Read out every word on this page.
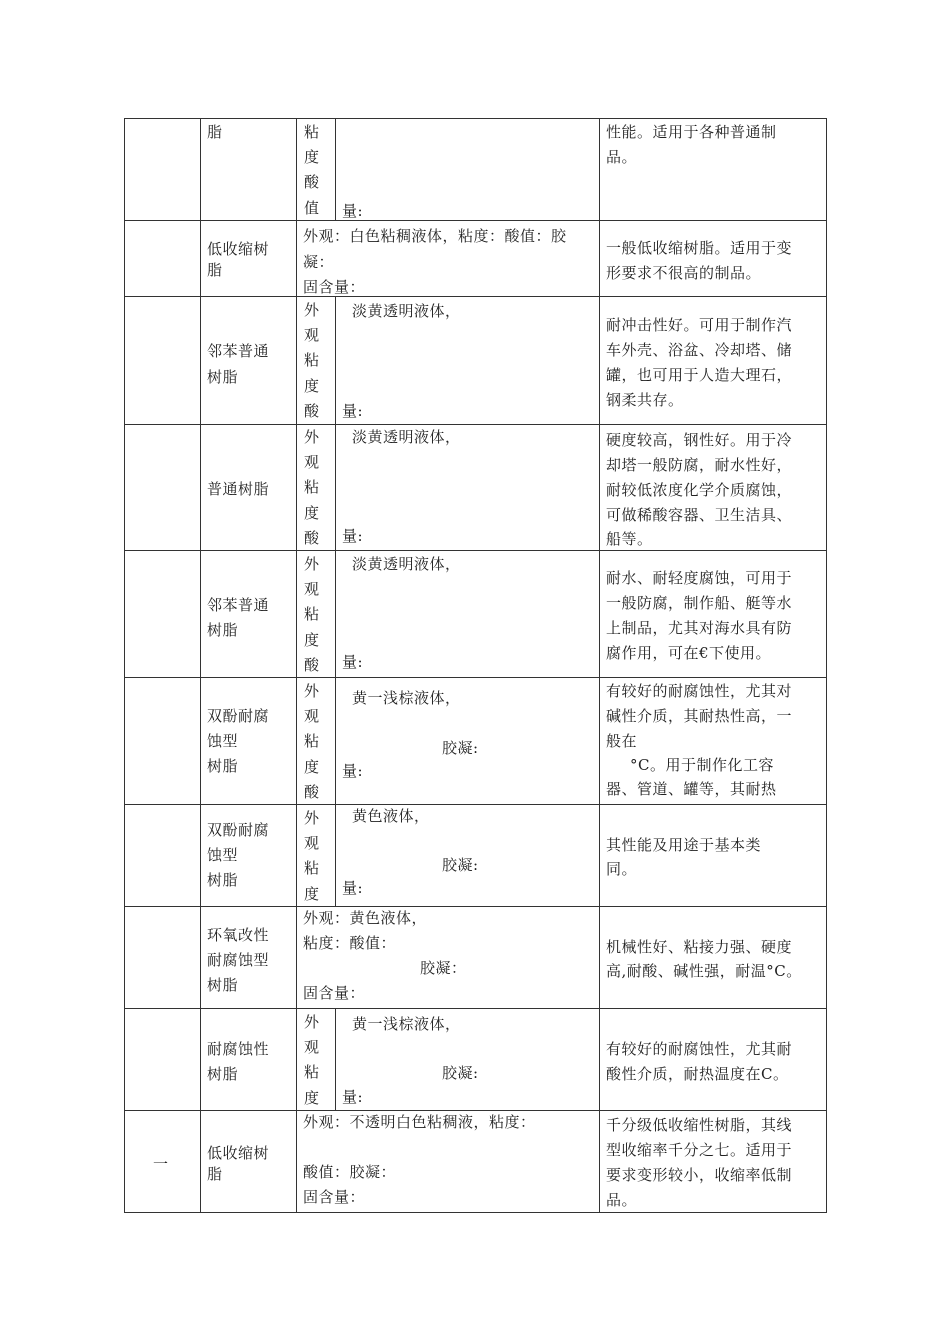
脂	粘
度
酸
值	量:
性能。适用于各种普通制
品。
低收缩树
脂
外观：白色粘稠液体，粘度：酸值：胶
凝：
固含量：
一般低收缩树脂。适用于变
形要求不很高的制品。
邻苯普通
树脂
外
观
粘
度
酸
淡黄透明液体，
量:
耐冲击性好。可用于制作汽
车外壳、浴盆、冷却塔、储
罐，也可用于人造大理石，
钢柔共存。
普通树脂
外
观
粘
度
酸
淡黄透明液体，
量:
硬度较高，钢性好。用于冷
却塔一般防腐，耐水性好，
耐较低浓度化学介质腐蚀，
可做稀酸容器、卫生洁具、
船等。
邻苯普通
树脂
外
观
粘
度
酸
淡黄透明液体，
量:
耐水、耐轻度腐蚀，可用于
一般防腐，制作船、艇等水
上制品，尤其对海水具有防
腐作用，可在€下使用。
双酚耐腐
蚀型
树脂
外
观
粘
度
酸
黄一浅棕液体，
胶凝:
量:
有较好的耐腐蚀性，尤其对
碱性介质，其耐热性高，一
般在
°C。用于制作化工容
器、管道、罐等，其耐热
双酚耐腐
蚀型
树脂
外
观
粘
度
黄色液体，
胶凝:
量:
其性能及用途于基本类
同。
环氧改性
耐腐蚀型
树脂
外观：黄色液体，
粘度：酸值：
胶凝：
固含量：
机械性好、粘接力强、硬度
高,耐酸、碱性强，耐温°C。
耐腐蚀性
树脂
外
观
粘
度
黄一浅棕液体，
胶凝:
量:
有较好的耐腐蚀性，尤其耐
酸性介质，耐热温度在C。
一
低收缩树
脂
外观：不透明白色粘稠液，粘度：
酸值：胶凝：
固含量：
千分级低收缩性树脂，其线
型收缩率千分之七。适用于
要求变形较小，收缩率低制
品。
